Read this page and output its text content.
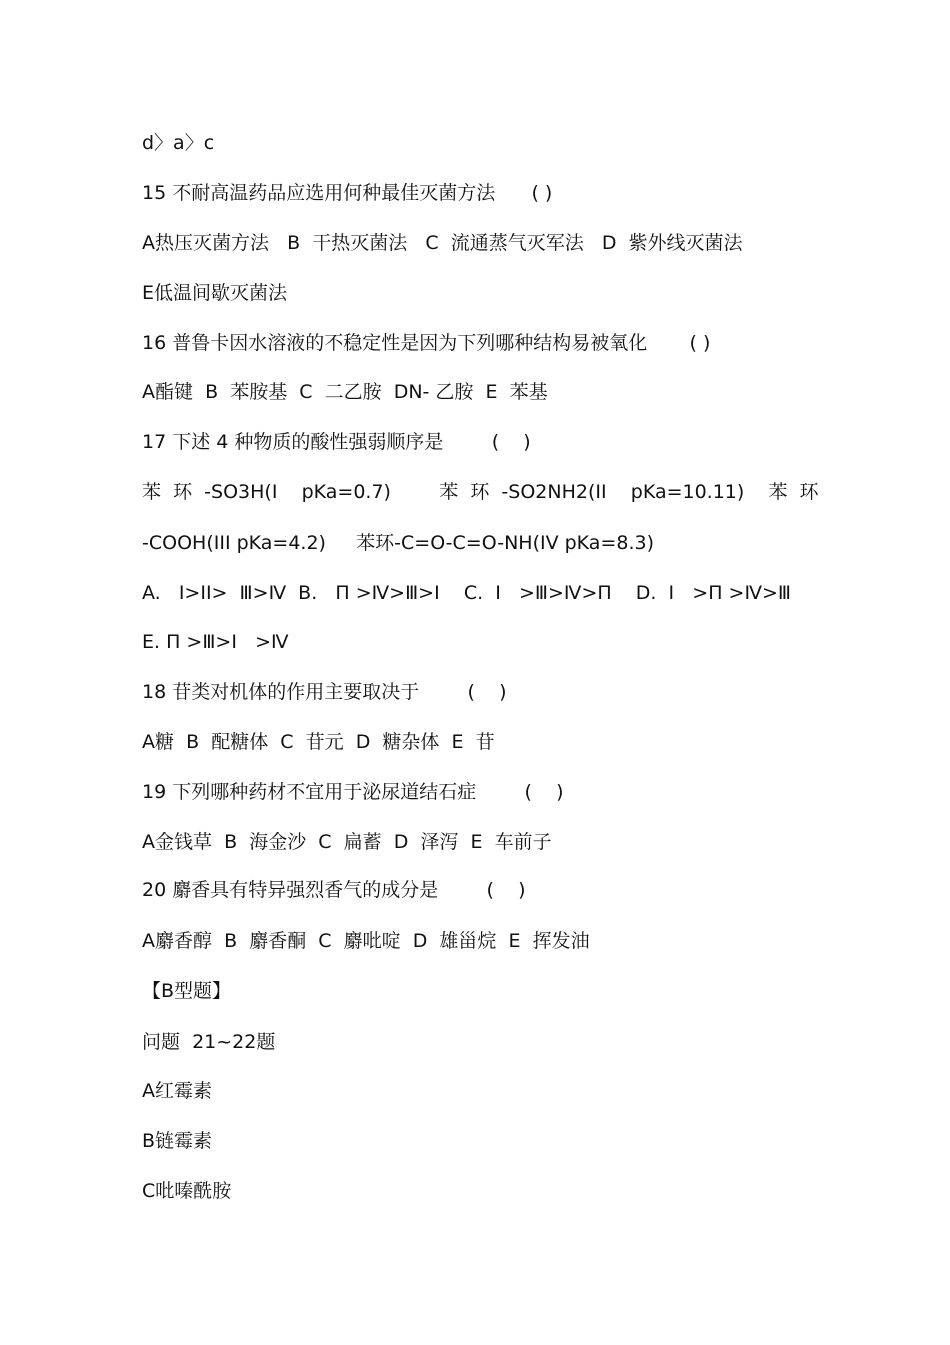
d〉a〉c
15 不耐高温药品应选用何种最佳灭菌方法      ( )
A热压灭菌方法   B  干热灭菌法   C  流通蒸气灭军法   D  紫外线灭菌法
E低温间歇灭菌法
16 普鲁卡因水溶液的不稳定性是因为下列哪种结构易被氧化       ( )
A酯键  B  苯胺基  C  二乙胺  DN- 乙胺  E  苯基
17 下述 4 种物质的酸性强弱顺序是        (    )
苯  环  -SO3H(I    pKa=0.7)        苯  环  -SO2NH2(II    pKa=10.11)    苯  环
-COOH(III pKa=4.2)     苯环-C=O-C=O-NH(IV pKa=8.3)
A.   I>II>  Ⅲ>Ⅳ  B.   Π >Ⅳ>Ⅲ>I    C.  I   >Ⅲ>Ⅳ>Π    D.  I   >Π >Ⅳ>Ⅲ
E. Π >Ⅲ>I   >Ⅳ
18 苷类对机体的作用主要取决于        (    )
A糖  B  配糖体  C  苷元  D  糖杂体  E  苷
19 下列哪种药材不宜用于泌尿道结石症        (    )
A金钱草  B  海金沙  C  扁蓄  D  泽泻  E  车前子
20 麝香具有特异强烈香气的成分是        (    )
A麝香醇  B  麝香酮  C  麝吡啶  D  雄甾烷  E  挥发油
【B型题】
问题  21~22题
A红霉素
B链霉素
C吡嗪酰胺
